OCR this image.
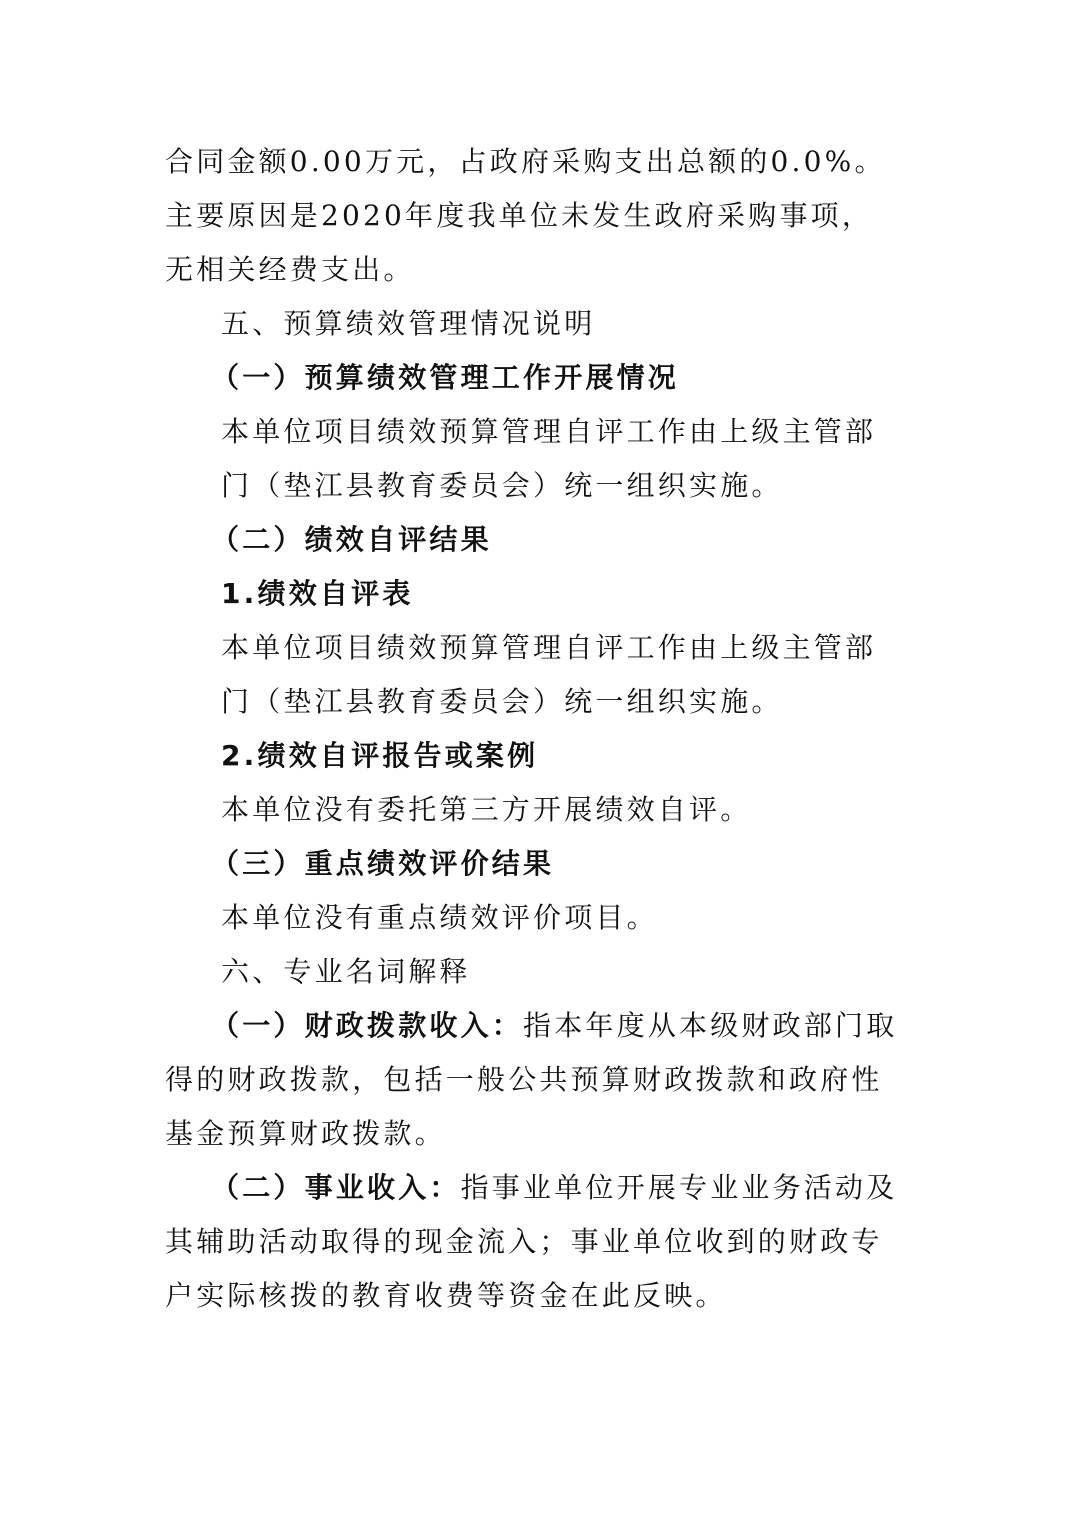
合同金额0.00万元，占政府采购支出总额的0.0%。主要原因是2020年度我单位未发生政府采购事项，无相关经费支出。
五、预算绩效管理情况说明
（一）预算绩效管理工作开展情况
本单位项目绩效预算管理自评工作由上级主管部门（垫江县教育委员会）统一组织实施。
（二）绩效自评结果
1.绩效自评表
本单位项目绩效预算管理自评工作由上级主管部门（垫江县教育委员会）统一组织实施。
2.绩效自评报告或案例
本单位没有委托第三方开展绩效自评。
（三）重点绩效评价结果
本单位没有重点绩效评价项目。
六、专业名词解释
（一）财政拨款收入：指本年度从本级财政部门取得的财政拨款，包括一般公共预算财政拨款和政府性基金预算财政拨款。
（二）事业收入：指事业单位开展专业业务活动及其辅助活动取得的现金流入；事业单位收到的财政专户实际核拨的教育收费等资金在此反映。
